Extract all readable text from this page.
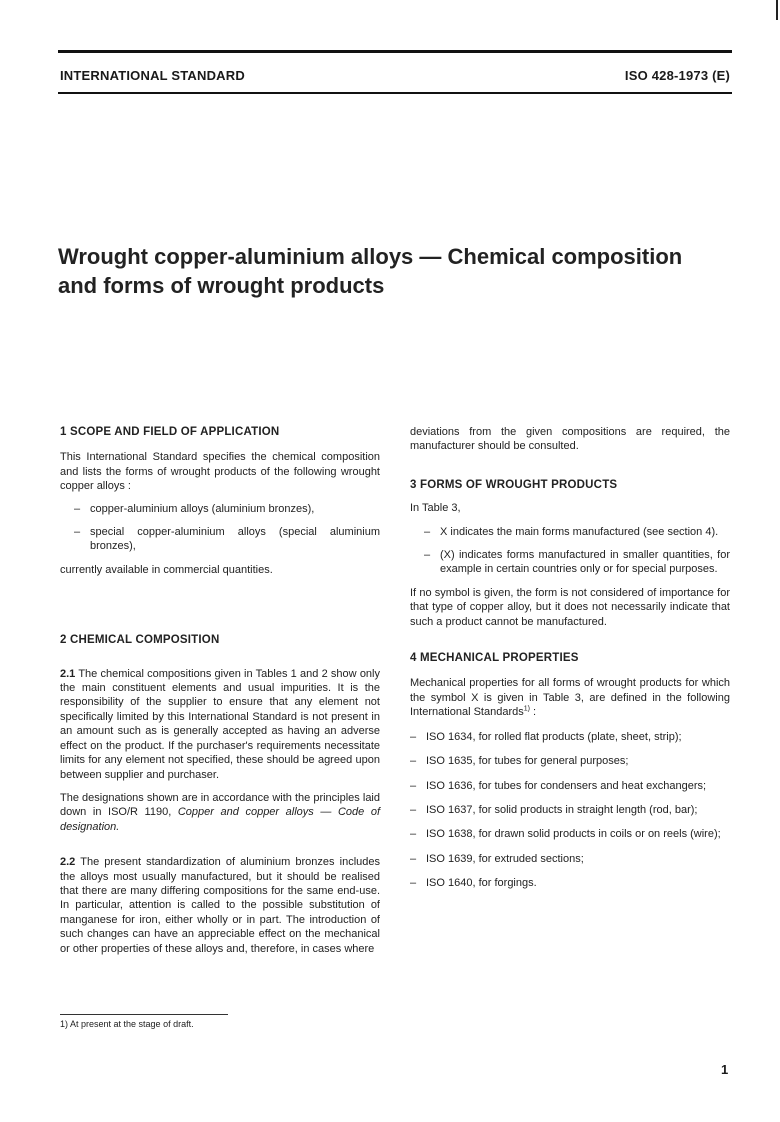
INTERNATIONAL STANDARD	ISO 428-1973 (E)
Wrought copper-aluminium alloys — Chemical composition
and forms of wrought products

1 SCOPE AND FIELD OF APPLICATION

This International Standard specifies the chemical composition and lists the forms of wrought products of the following wrought copper alloys :

– copper-aluminium alloys (aluminium bronzes),
– special copper-aluminium alloys (special aluminium bronzes),

currently available in commercial quantities.

2 CHEMICAL COMPOSITION

2.1 The chemical compositions given in Tables 1 and 2 show only the main constituent elements and usual impurities. It is the responsibility of the supplier to ensure that any element not specifically limited by this International Standard is not present in an amount such as is generally accepted as having an adverse effect on the product. If the purchaser's requirements necessitate limits for any element not specified, these should be agreed upon between supplier and purchaser.

The designations shown are in accordance with the principles laid down in ISO/R 1190, Copper and copper alloys — Code of designation.

2.2 The present standardization of aluminium bronzes includes the alloys most usually manufactured, but it should be realised that there are many differing compositions for the same end-use. In particular, attention is called to the possible substitution of manganese for iron, either wholly or in part. The introduction of such changes can have an appreciable effect on the mechanical or other properties of these alloys and, therefore, in cases where

deviations from the given compositions are required, the manufacturer should be consulted.

3 FORMS OF WROUGHT PRODUCTS

In Table 3,

– X indicates the main forms manufactured (see section 4).
– (X) indicates forms manufactured in smaller quantities, for example in certain countries only or for special purposes.

If no symbol is given, the form is not considered of importance for that type of copper alloy, but it does not necessarily indicate that such a product cannot be manufactured.

4 MECHANICAL PROPERTIES

Mechanical properties for all forms of wrought products for which the symbol X is given in Table 3, are defined in the following International Standards$^{1)}$ :

– ISO 1634, for rolled flat products (plate, sheet, strip);
– ISO 1635, for tubes for general purposes;
– ISO 1636, for tubes for condensers and heat exchangers;
– ISO 1637, for solid products in straight length (rod, bar);
– ISO 1638, for drawn solid products in coils or on reels (wire);
– ISO 1639, for extruded sections;
– ISO 1640, for forgings.
1) At present at the stage of draft.
1
